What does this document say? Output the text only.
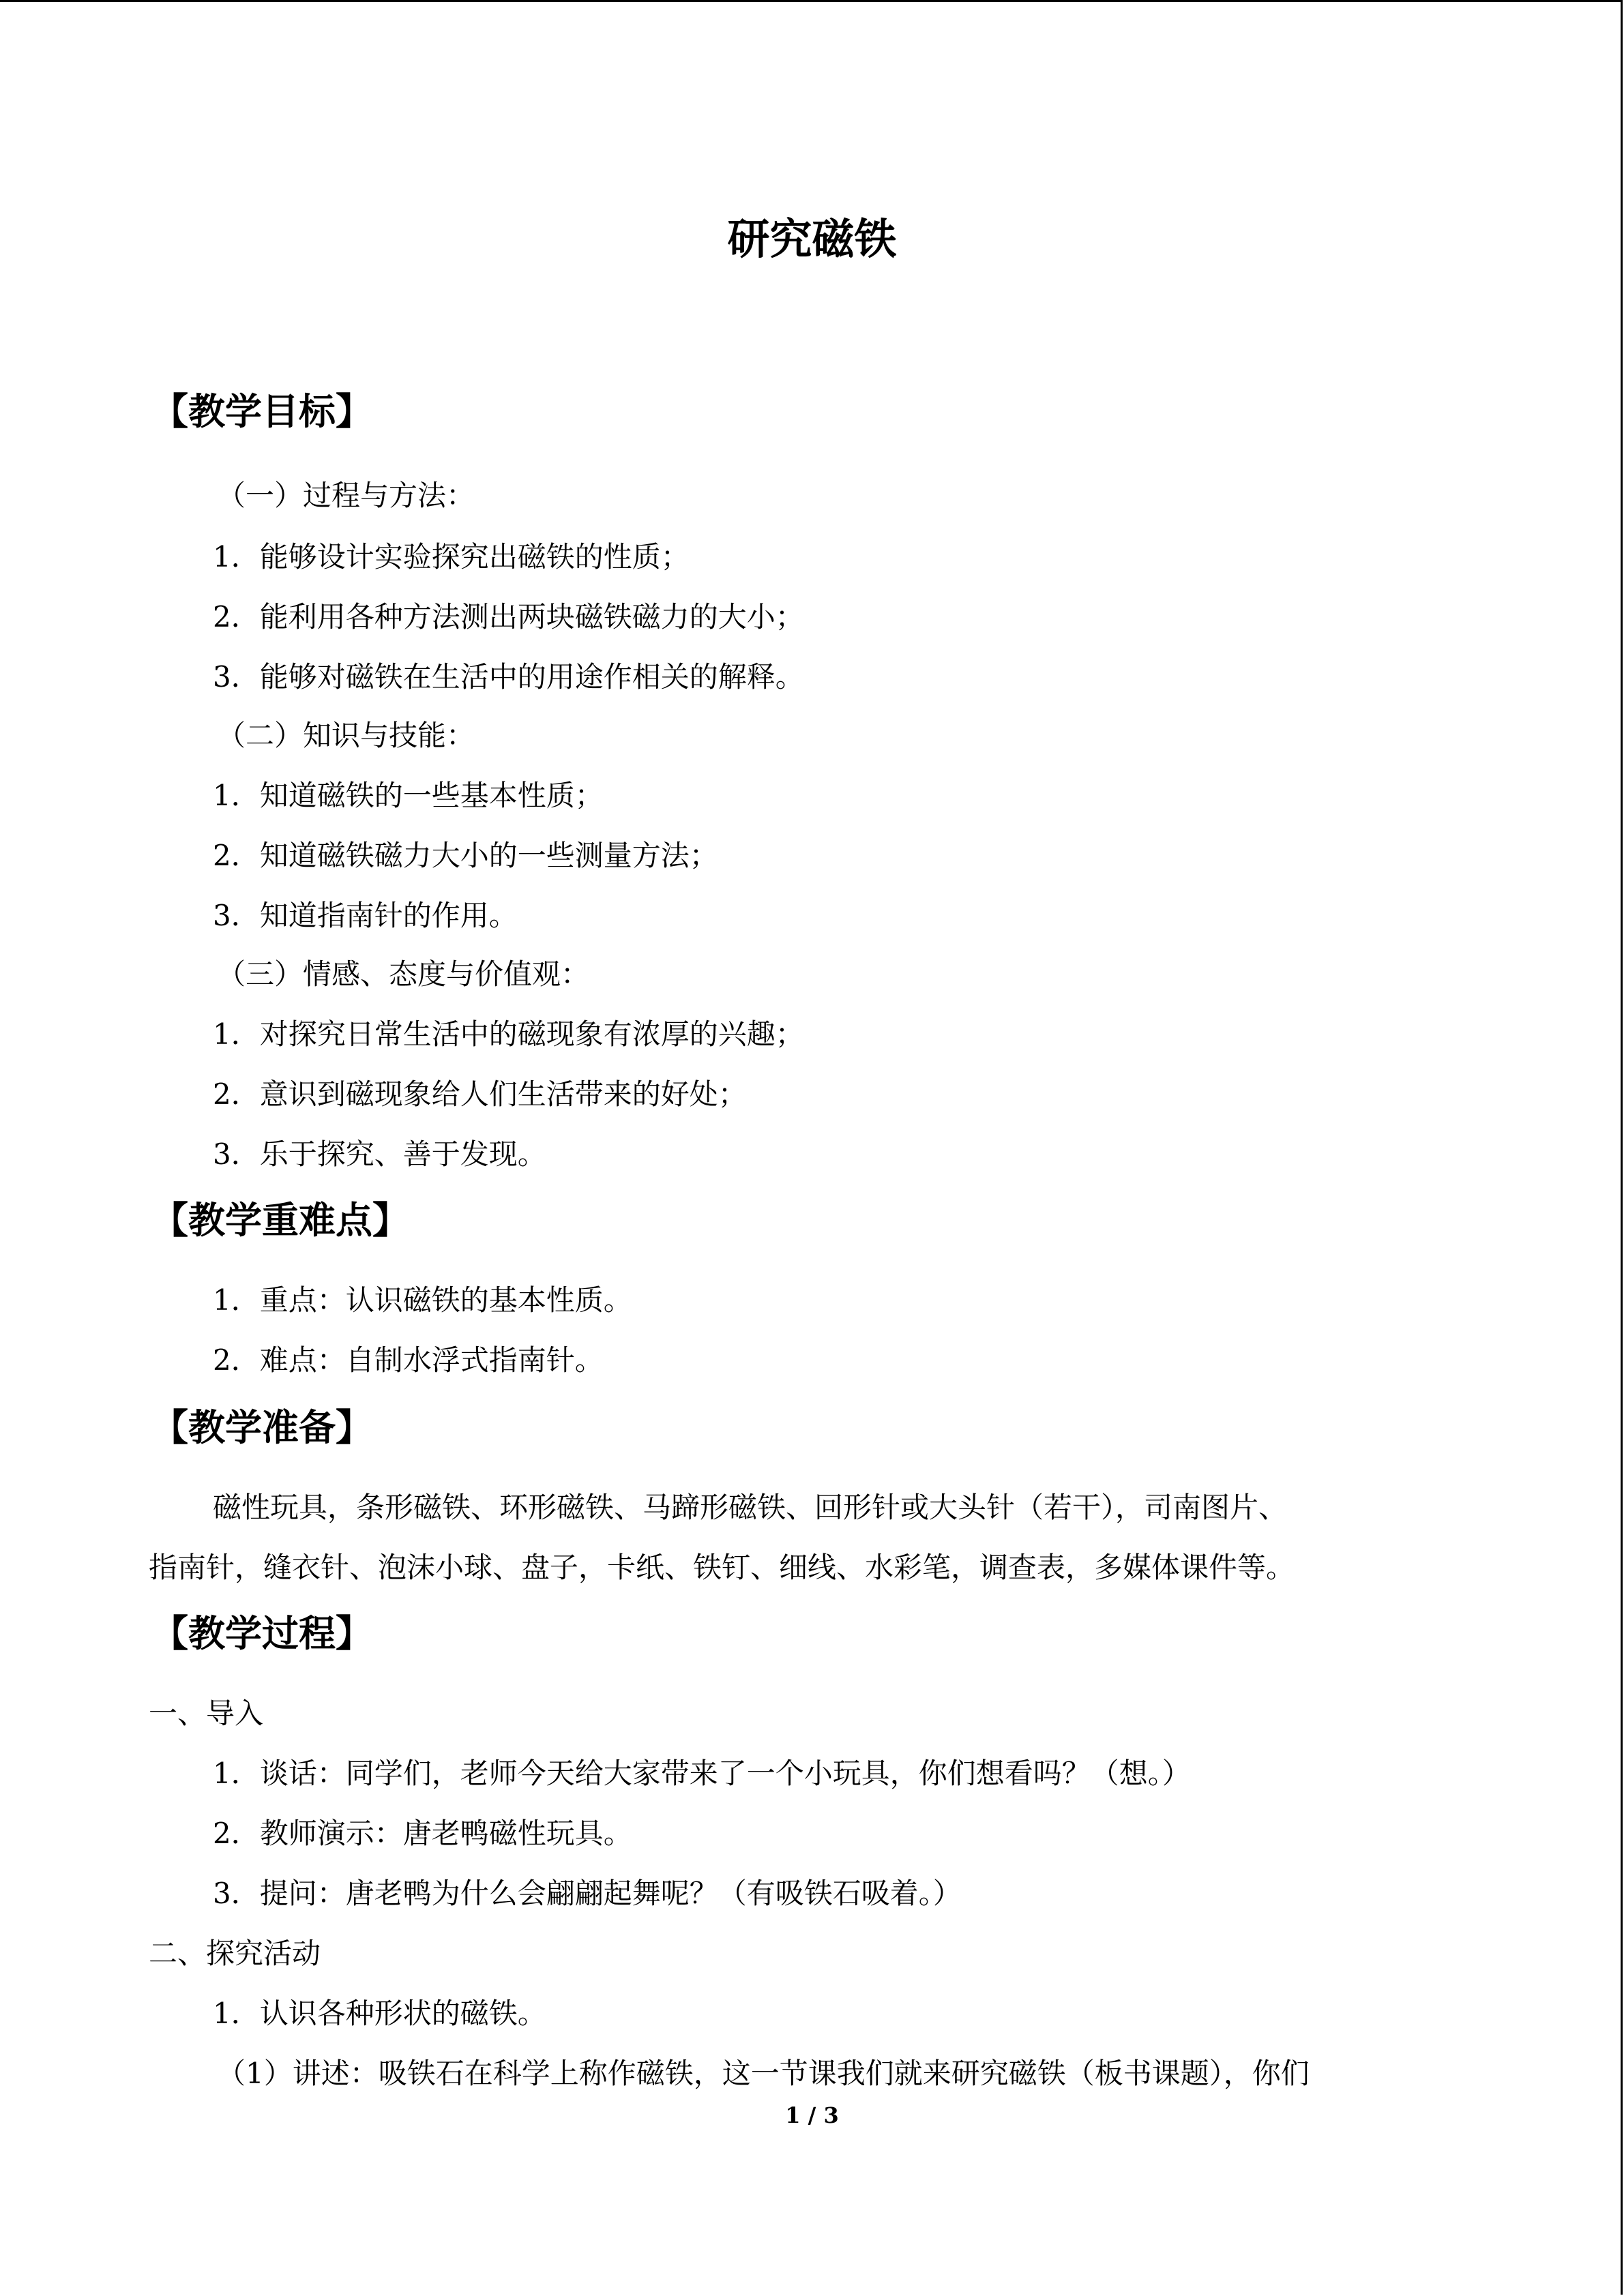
研究磁铁
【教学目标】
（一）过程与方法：
1．能够设计实验探究出磁铁的性质；
2．能利用各种方法测出两块磁铁磁力的大小；
3．能够对磁铁在生活中的用途作相关的解释。
（二）知识与技能：
1．知道磁铁的一些基本性质；
2．知道磁铁磁力大小的一些测量方法；
3．知道指南针的作用。
（三）情感、态度与价值观：
1．对探究日常生活中的磁现象有浓厚的兴趣；
2．意识到磁现象给人们生活带来的好处；
3．乐于探究、善于发现。
【教学重难点】
1．重点：认识磁铁的基本性质。
2．难点：自制水浮式指南针。
【教学准备】
磁性玩具，条形磁铁、环形磁铁、马蹄形磁铁、回形针或大头针（若干），司南图片、
指南针，缝衣针、泡沫小球、盘子，卡纸、铁钉、细线、水彩笔，调查表，多媒体课件等。
【教学过程】
一、导入
1．谈话：同学们，老师今天给大家带来了一个小玩具，你们想看吗？（想。）
2．教师演示：唐老鸭磁性玩具。
3．提问：唐老鸭为什么会翩翩起舞呢？（有吸铁石吸着。）
二、探究活动
1．认识各种形状的磁铁。
（1）讲述：吸铁石在科学上称作磁铁，这一节课我们就来研究磁铁（板书课题），你们
1 / 3
